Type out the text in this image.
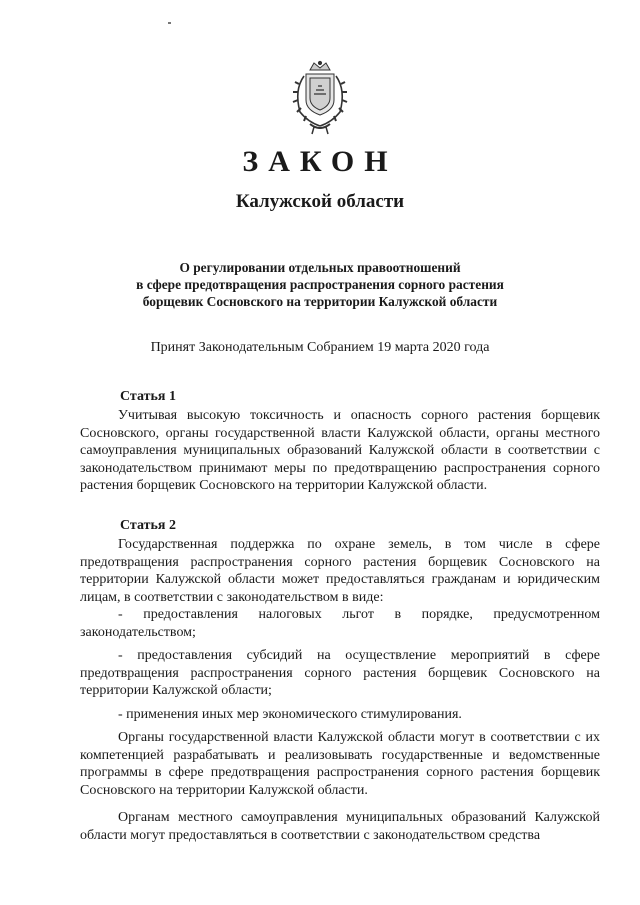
ЗАКОН
Калужской области
О регулировании отдельных правоотношений
в сфере предотвращения распространения сорного растения
борщевик Сосновского на территории Калужской области
Принят Законодательным Собранием 19 марта 2020 года
Статья 1

Учитывая высокую токсичность и опасность сорного растения борщевик Сосновского, органы государственной власти Калужской области, органы местного самоуправления муниципальных образований Калужской области в соответствии с законодательством принимают меры по предотвращению распространения сорного растения борщевик Сосновского на территории Калужской области.

Статья 2

Государственная поддержка по охране земель, в том числе в сфере предотвращения распространения сорного растения борщевик Сосновского на территории Калужской области может предоставляться гражданам и юридическим лицам, в соответствии с законодательством в виде:

- предоставления налоговых льгот в порядке, предусмотренном законодательством;

- предоставления субсидий на осуществление мероприятий в сфере предотвращения распространения сорного растения борщевик Сосновского на территории Калужской области;

- применения иных мер экономического стимулирования.

Органы государственной власти Калужской области могут в соответствии с их компетенцией разрабатывать и реализовывать государственные и ведомственные программы в сфере предотвращения распространения сорного растения борщевик Сосновского на территории Калужской области.

Органам местного самоуправления муниципальных образований Калужской области могут предоставляться в соответствии с законодательством средства
